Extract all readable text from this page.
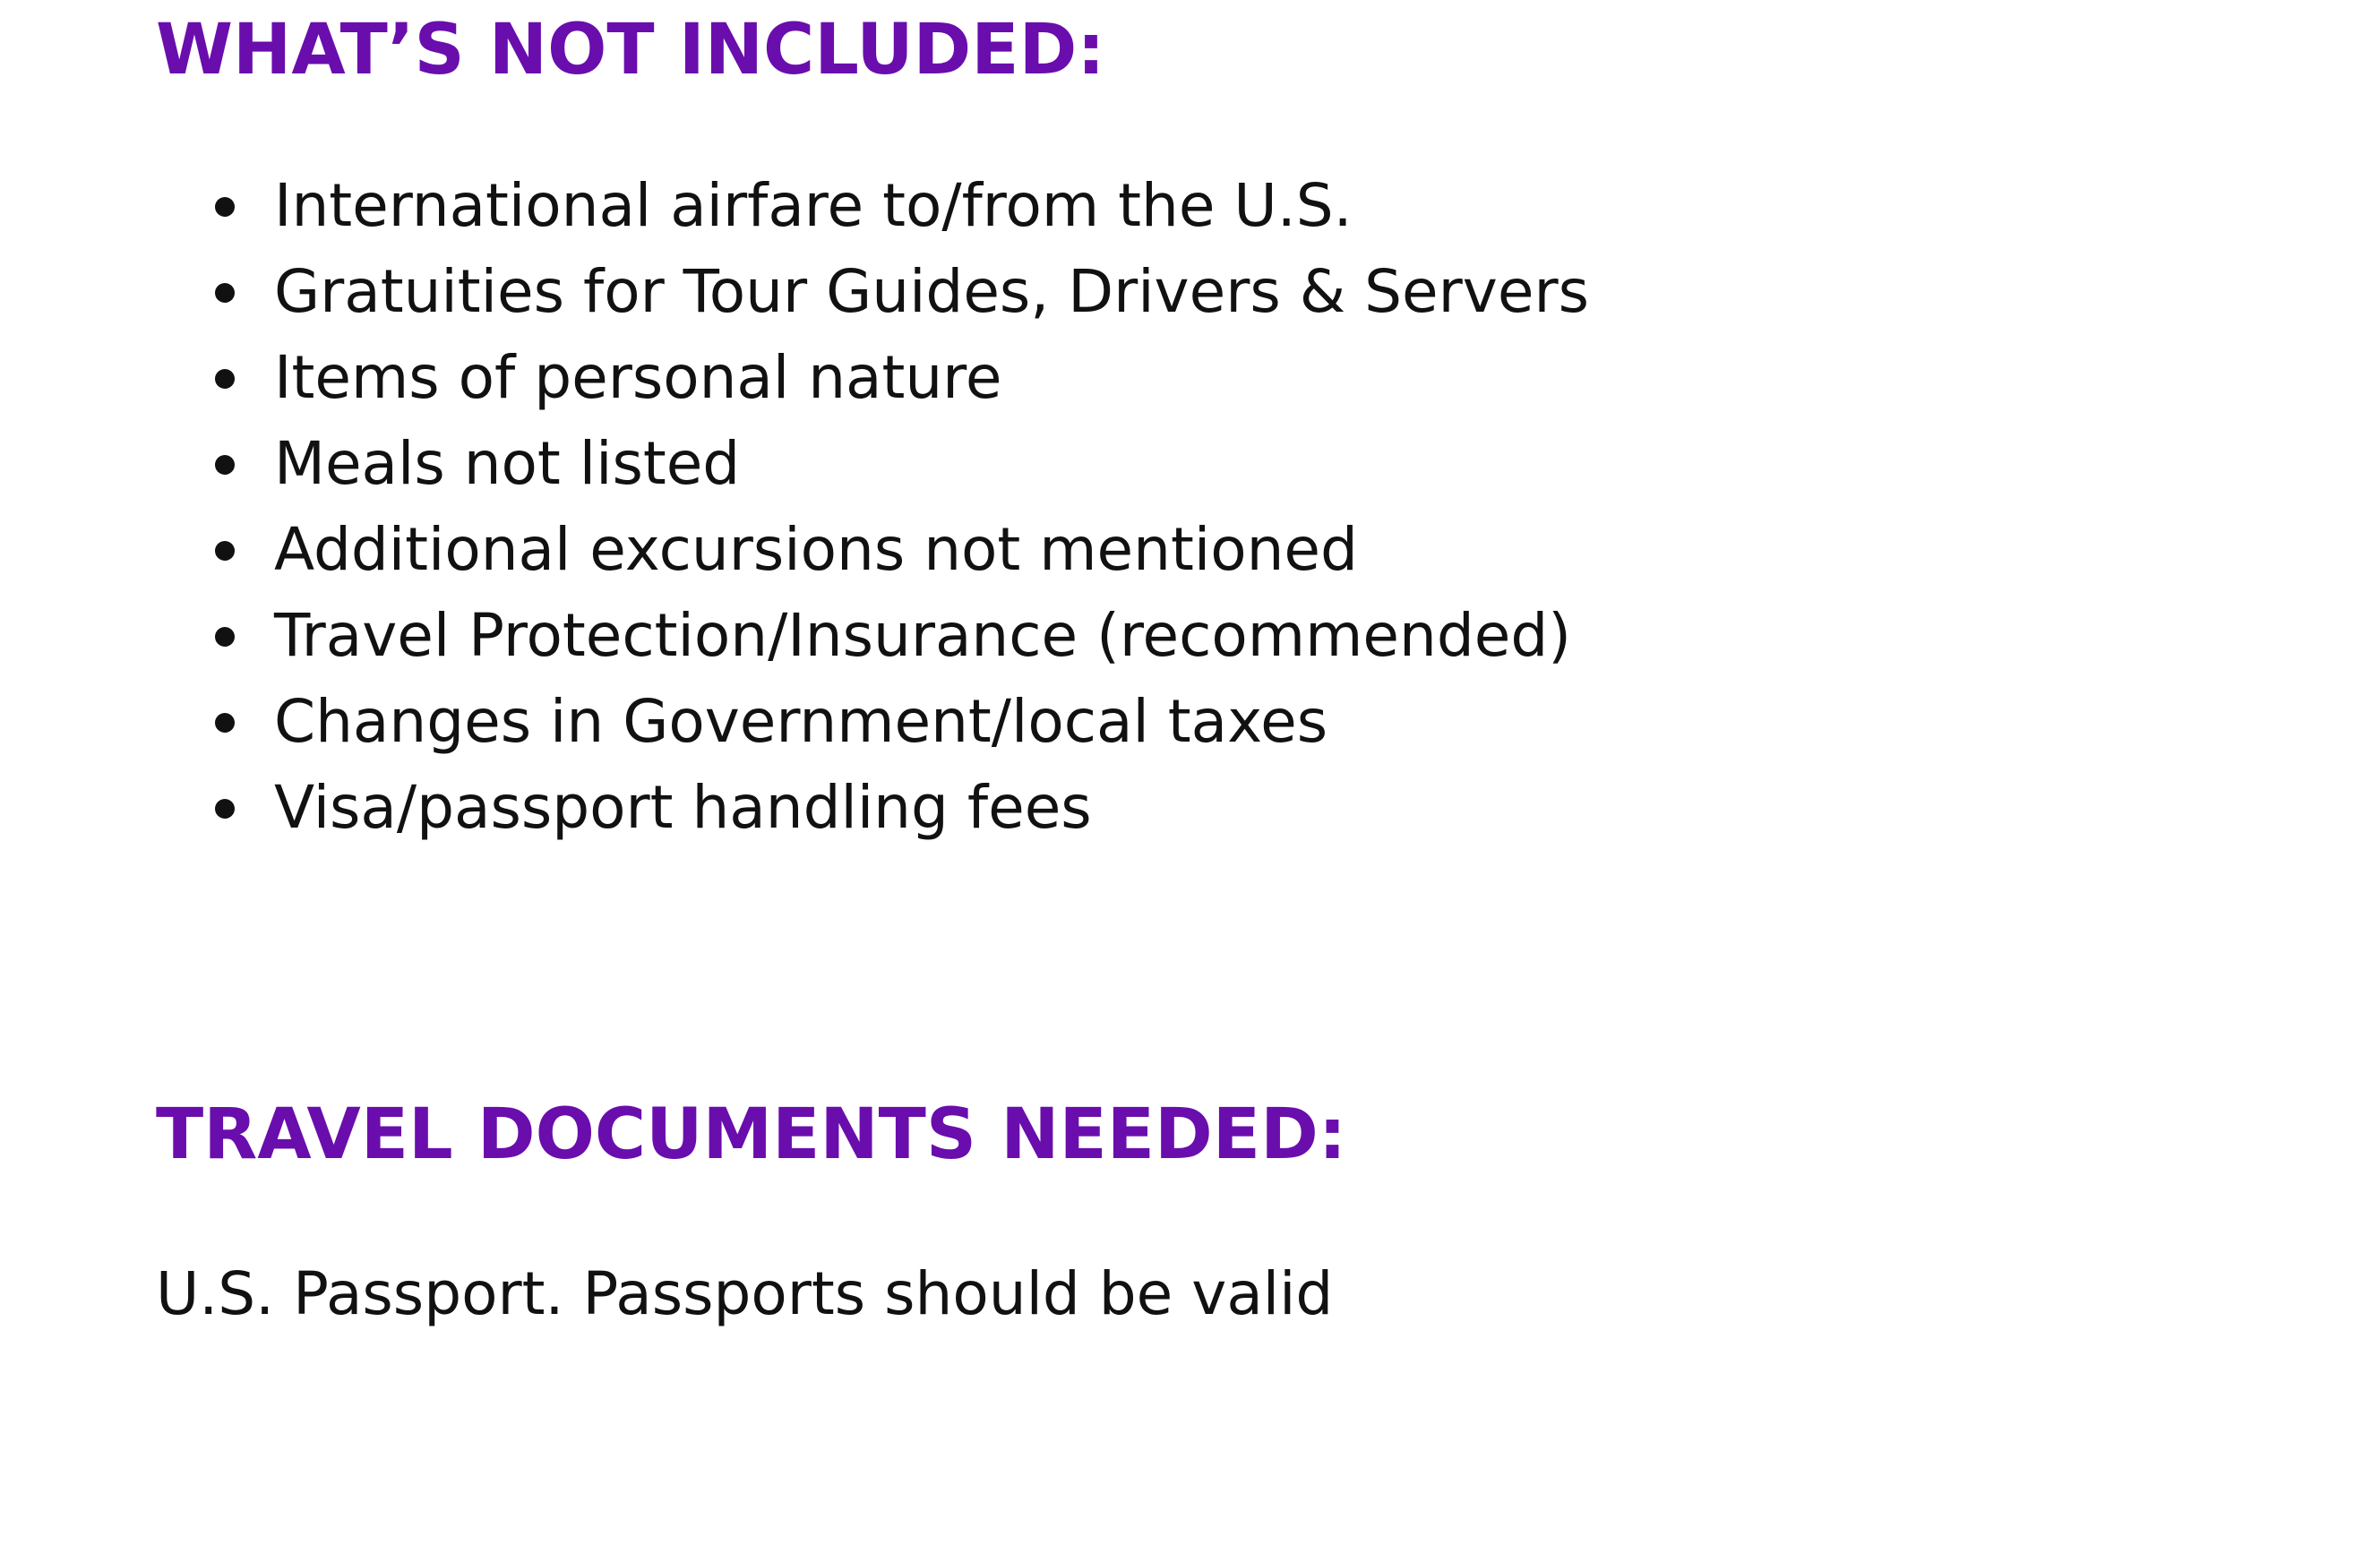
WHAT’S NOT INCLUDED:
International airfare to/from the U.S.
Gratuities for Tour Guides, Drivers & Servers
Items of personal nature
Meals not listed
Additional excursions not mentioned
Travel Protection/Insurance (recommended)
Changes in Government/local taxes
Visa/passport handling fees
TRAVEL DOCUMENTS NEEDED:

U.S. Passport. Passports should be valid
